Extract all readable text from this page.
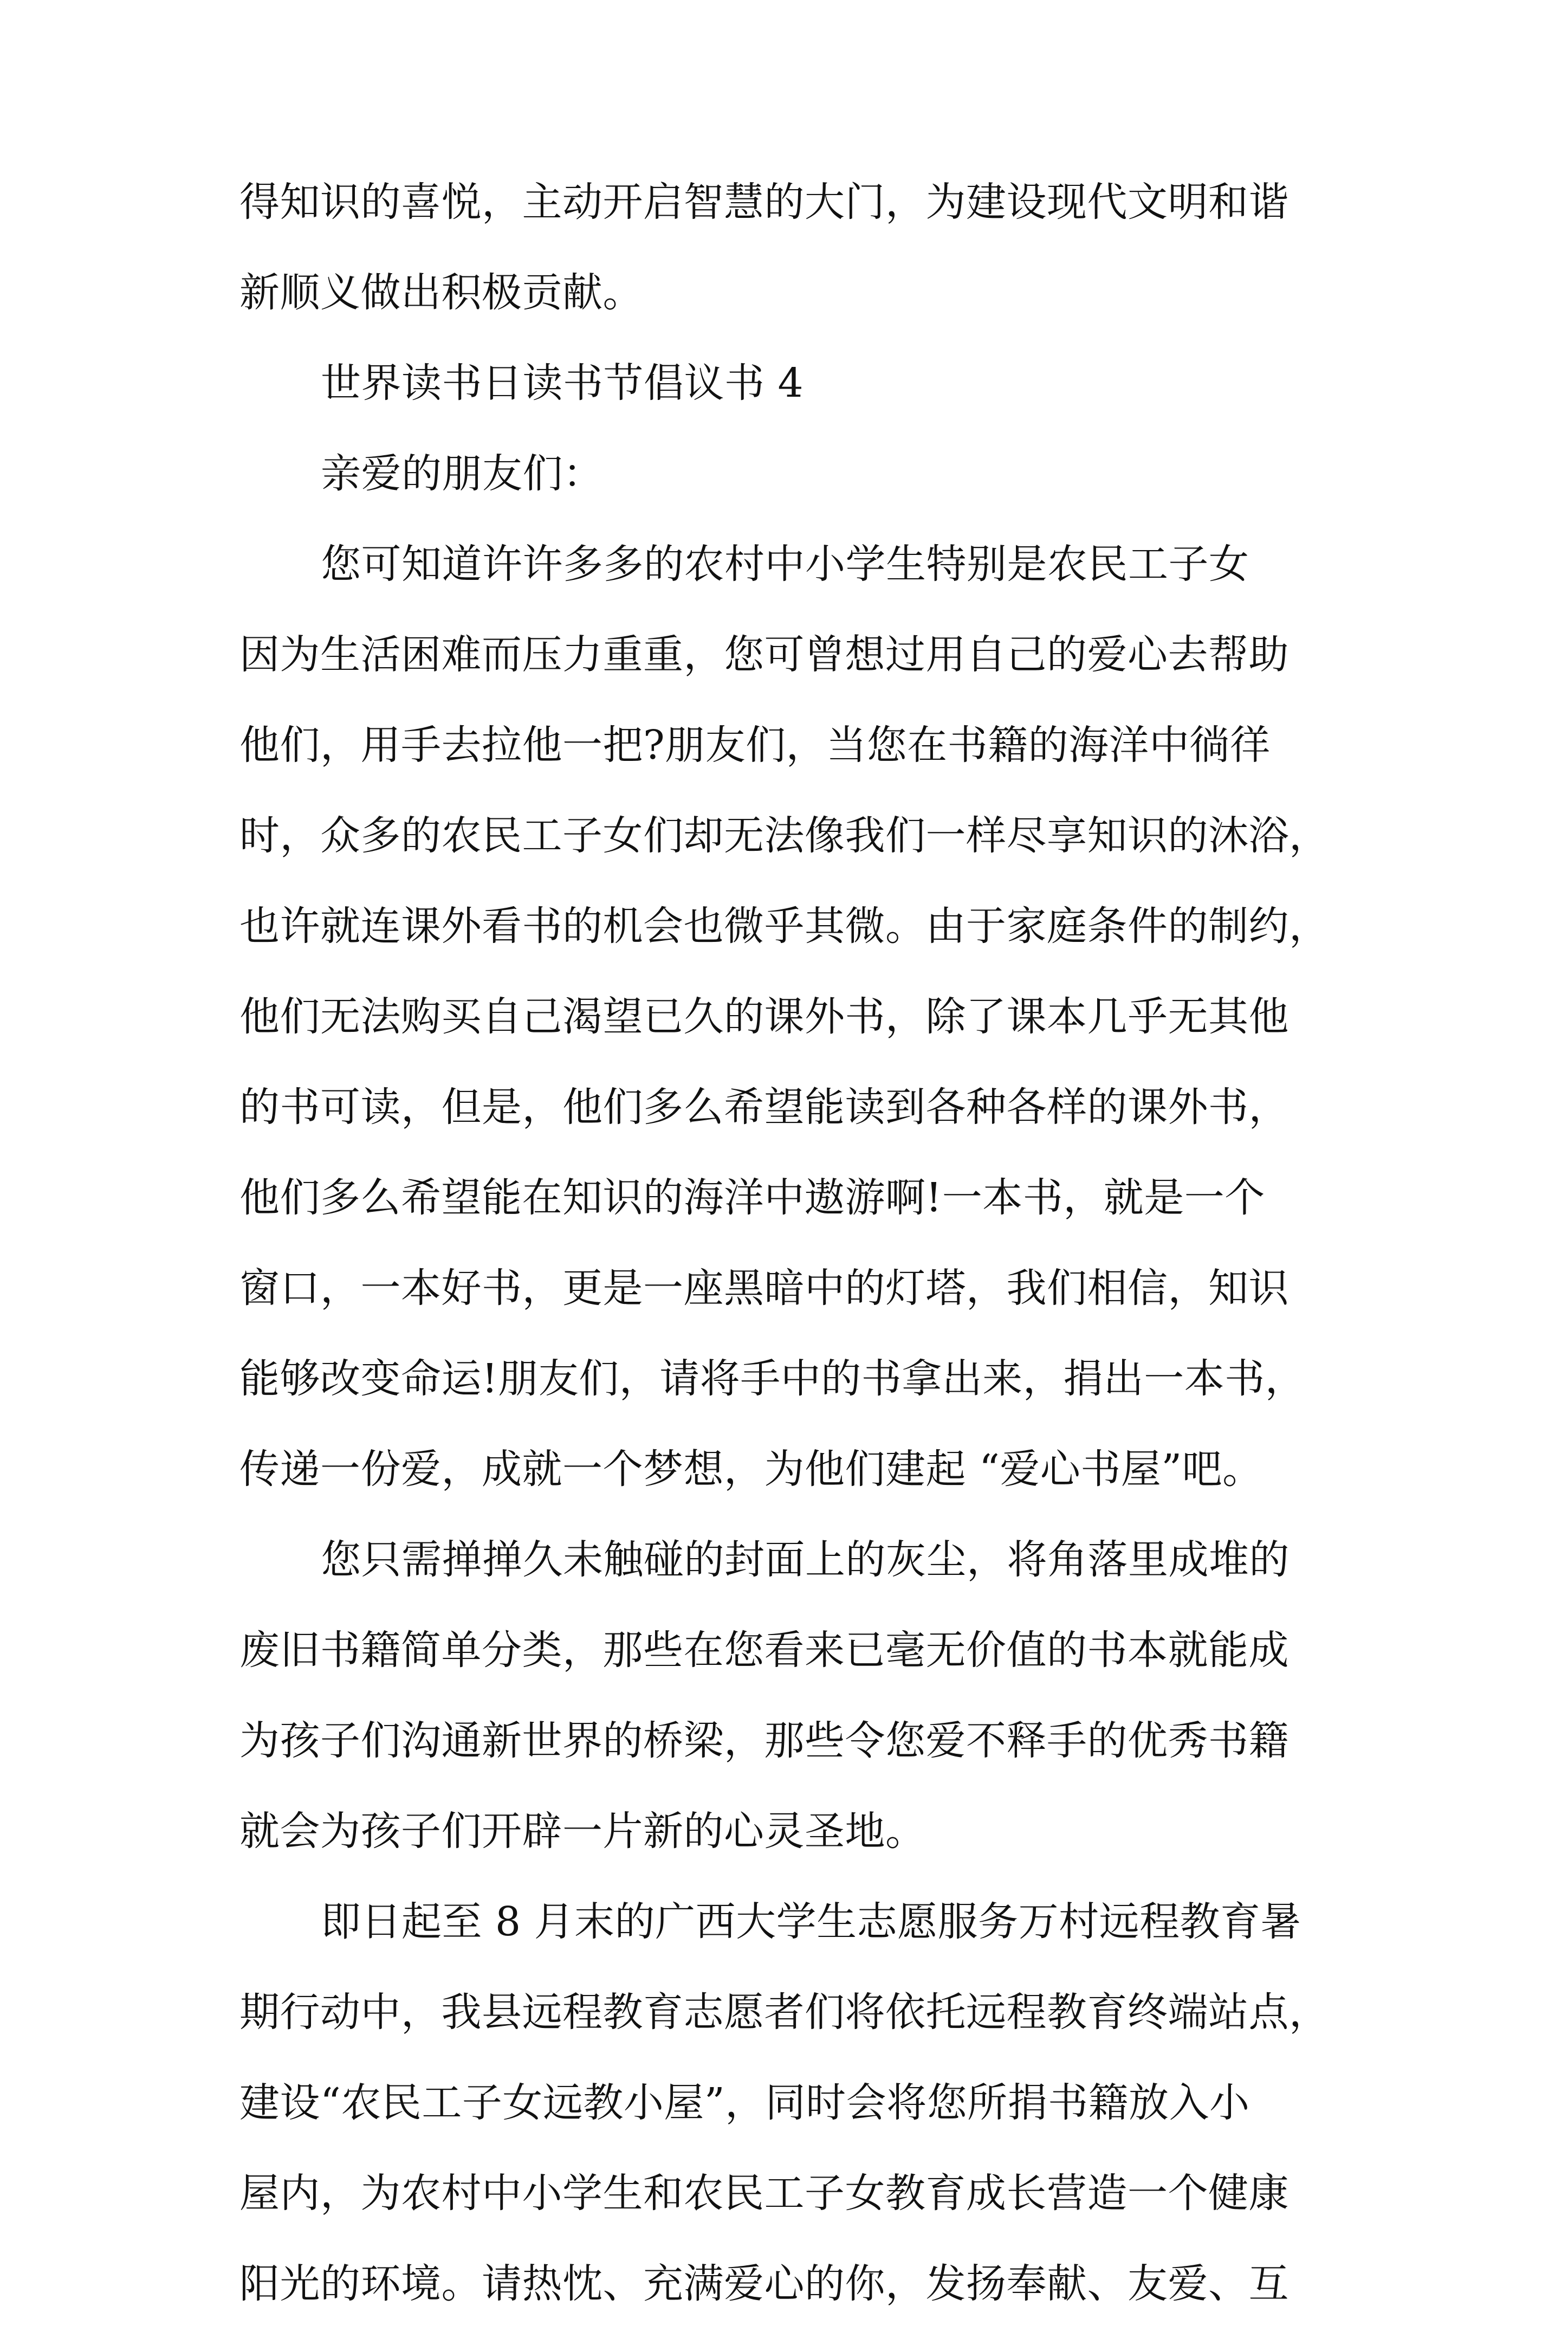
得知识的喜悦，主动开启智慧的大门，为建设现代文明和谐
新顺义做出积极贡献。
世界读书日读书节倡议书 4
亲爱的朋友们：
您可知道许许多多的农村中小学生特别是农民工子女
因为生活困难而压力重重，您可曾想过用自己的爱心去帮助
他们，用手去拉他一把?朋友们，当您在书籍的海洋中徜徉
时，众多的农民工子女们却无法像我们一样尽享知识的沐浴，
也许就连课外看书的机会也微乎其微。由于家庭条件的制约，
他们无法购买自己渴望已久的课外书，除了课本几乎无其他
的书可读，但是，他们多么希望能读到各种各样的课外书，
他们多么希望能在知识的海洋中遨游啊!一本书，就是一个
窗口，一本好书，更是一座黑暗中的灯塔，我们相信，知识
能够改变命运!朋友们，请将手中的书拿出来，捐出一本书，
传递一份爱，成就一个梦想，为他们建起 “爱心书屋”吧。
您只需掸掸久未触碰的封面上的灰尘，将角落里成堆的
废旧书籍简单分类，那些在您看来已毫无价值的书本就能成
为孩子们沟通新世界的桥梁，那些令您爱不释手的优秀书籍
就会为孩子们开辟一片新的心灵圣地。
即日起至 8 月末的广西大学生志愿服务万村远程教育暑
期行动中，我县远程教育志愿者们将依托远程教育终端站点，
建设“农民工子女远教小屋”，同时会将您所捐书籍放入小
屋内，为农村中小学生和农民工子女教育成长营造一个健康
阳光的环境。请热忱、充满爱心的你，发扬奉献、友爱、互
